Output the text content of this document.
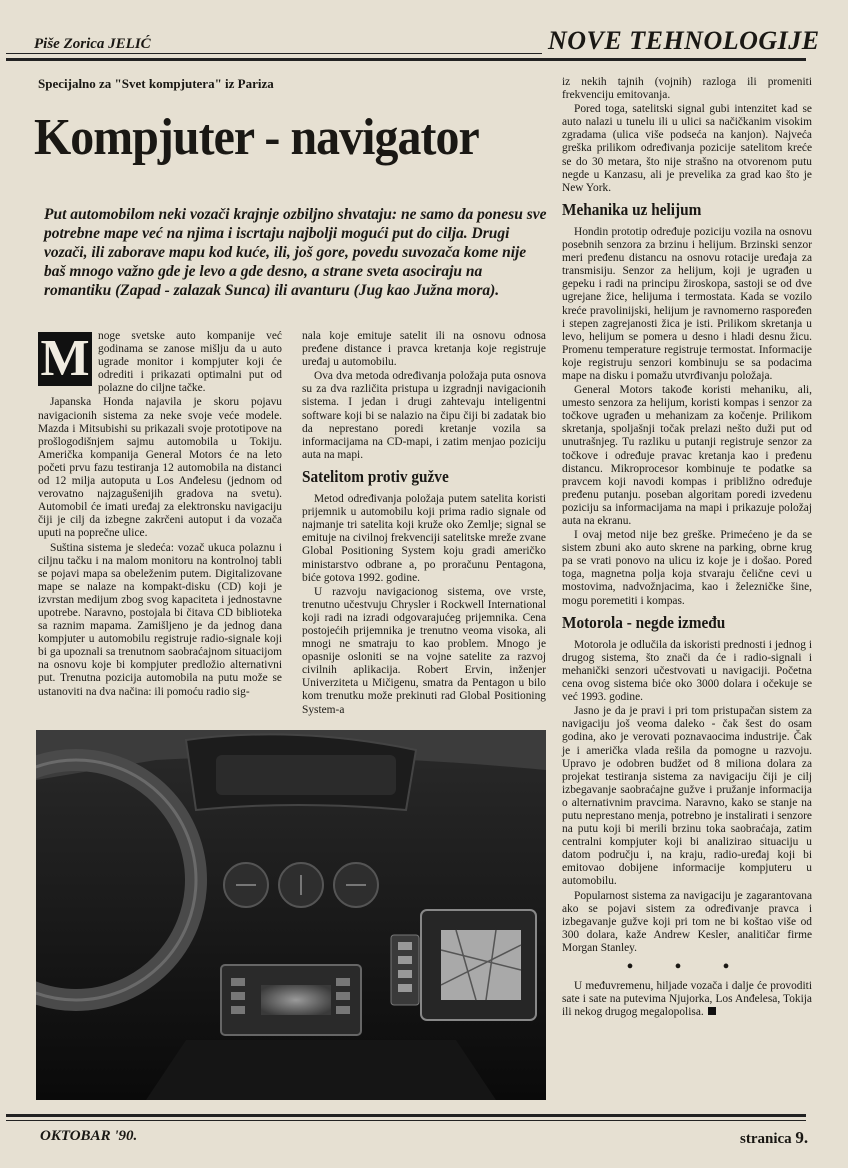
Piše Zorica JELIĆ	NOVE TEHNOLOGIJE
Specijalno za "Svet kompjutera" iz Pariza
Kompjuter - navigator
Put automobilom neki vozači krajnje ozbiljno shvataju: ne samo da ponesu sve potrebne mape već na njima i iscrtaju najbolji mogući put do cilja. Drugi vozači, ili zaborave mapu kod kuće, ili, još gore, povedu suvozača kome nije baš mnogo važno gde je levo a gde desno, a strane sveta asociraju na romantiku (Zapad - zalazak Sunca) ili avanturu (Jug kao Južna mora).
M noge svetske auto kompanije već godinama se zanose mišlju da u auto ugrade monitor i kompjuter koji će odrediti i prikazati optimalni put od polazne do ciljne tačke.

Japanska Honda najavila je skoru pojavu navigacionih sistema za neke svoje veće modele. Mazda i Mitsubishi su prikazali svoje prototipove na prošlogodišnjem sajmu automobila u Tokiju. Američka kompanija General Motors će na leto početi prvu fazu testiranja 12 automobila na distanci od 12 milja autoputa u Los Anđelesu (jednom od verovatno najzagušenijih gradova na svetu). Automobil će imati uređaj za elektronsku navigaciju čiji je cilj da izbegne zakrčeni autoput i da vozača uputi na poprečne ulice.

Suština sistema je sledeća: vozač ukuca polaznu i ciljnu tačku i na malom monitoru na kontrolnoj tabli se pojavi mapa sa obeleženim putem. Digitalizovane mape se nalaze na kompakt-disku (CD) koji je izvrstan medijum zbog svog kapaciteta i jednostavne upotrebe. Naravno, postojala bi čitava CD biblioteka sa raznim mapama. Zamišljeno je da jednog dana kompjuter u automobilu registruje radio-signale koji bi ga upoznali sa trenutnom saobraćajnom situacijom na osnovu koje bi kompjuter predložio alternativni put. Trenutna pozicija automobila na putu može se ustanoviti na dva načina: ili pomoću radio sig-

nala koje emituje satelit ili na osnovu odnosa pređene distance i pravca kretanja koje registruje uređaj u automobilu.

Ova dva metoda određivanja položaja puta osnova su za dva različita pristupa u izgradnji navigacionih sistema. I jedan i drugi zahtevaju inteligentni software koji bi se nalazio na čipu čiji bi zadatak bio da neprestano poredi kretanje vozila sa informacijama na CD-mapi, i zatim menjao poziciju auta na mapi.

Satelitom protiv gužve

Metod određivanja položaja putem satelita koristi prijemnik u automobilu koji prima radio signale od najmanje tri satelita koji kruže oko Zemlje; signal se emituje na civilnoj frekvenciji satelitske mreže zvane Global Positioning System koju gradi američko ministarstvo odbrane a, po proračunu Pentagona, biće gotova 1992. godine.

U razvoju navigacionog sistema, ove vrste, trenutno učestvuju Chrysler i Rockwell International koji radi na izradi odgovarajućeg prijemnika. Cena postojećih prijemnika je trenutno veoma visoka, ali mnogi ne smatraju to kao problem. Mnogo je opasnije osloniti se na vojne satelite za razvoj civilnih aplikacija. Robert Ervin, inženjer Univerziteta u Mičigenu, smatra da Pentagon u bilo kom trenutku može prekinuti rad Global Positioning System-a

iz nekih tajnih (vojnih) razloga ili promeniti frekvenciju emitovanja.

Pored toga, satelitski signal gubi intenzitet kad se auto nalazi u tunelu ili u ulici sa načičkanim visokim zgradama (ulica više podseća na kanjon). Najveća greška prilikom određivanja pozicije satelitom kreće se do 30 metara, što nije strašno na otvorenom putu negde u Kanzasu, ali je prevelika za grad kao što je New York.

Mehanika uz helijum

Hondin prototip određuje poziciju vozila na osnovu posebnih senzora za brzinu i helijum. Brzinski senzor meri pređenu distancu na osnovu rotacije uređaja za transmisiju. Senzor za helijum, koji je ugrađen u gepeku i radi na principu žiroskopa, sastoji se od dve ugrejane žice, helijuma i termostata. Kada se vozilo kreće pravolinijski, helijum je ravnomerno raspoređen i stepen zagrejanosti žica je isti. Prilikom skretanja u levo, helijum se pomera u desno i hladi desnu žicu. Promenu temperature registruje termostat. Informacije koje registruju senzori kombinuju se sa podacima mape na disku i pomažu utvrđivanju položaja.

General Motors takođe koristi mehaniku, ali, umesto senzora za helijum, koristi kompas i senzor za točkove ugrađen u mehanizam za kočenje. Prilikom skretanja, spoljašnji točak prelazi nešto duži put od unutrašnjeg. Tu razliku u putanji registruje senzor za točkove i određuje pravac kretanja kao i pređenu distancu. Mikroprocesor kombinuje te podatke sa pravcem koji navodi kompas i približno određuje pređenu putanju. poseban algoritam poredi izvedenu poziciju sa informacijama na mapi i prikazuje položaj auta na ekranu.

I ovaj metod nije bez greške. Primećeno je da se sistem zbuni ako auto skrene na parking, obrne krug pa se vrati ponovo na ulicu iz koje je i došao. Pored toga, magnetna polja koja stvaraju čelične cevi u mostovima, nadvožnjacima, kao i železničke šine, mogu poremetiti i kompas.

Motorola - negde između

Motorola je odlučila da iskoristi prednosti i jednog i drugog sistema, što znači da će i radio-signali i mehanički senzori učestvovati u navigaciji. Početna cena ovog sistema biće oko 3000 dolara i očekuje se već 1993. godine.

Jasno je da je pravi i pri tom pristupačan sistem za navigaciju još veoma daleko - čak šest do osam godina, ako je verovati poznavaocima industrije. Čak je i američka vlada rešila da pomogne u razvoju. Upravo je odobren budžet od 8 miliona dolara za projekat testiranja sistema za navigaciju čiji je cilj izbegavanje saobraćajne gužve i pružanje informacija o alternativnim pravcima. Naravno, kako se stanje na putu neprestano menja, potrebno je instalirati i senzore na putu koji bi merili brzinu toka saobraćaja, zatim centralni kompjuter koji bi analizirao situaciju u datom području i, na kraju, radio-uređaj koji bi emitovao dobijene informacije kompjuteru u automobilu.

Popularnost sistema za navigaciju je zagarantovana ako se pojavi sistem za određivanje pravca i izbegavanje gužve koji pri tom ne bi koštao više od 300 dolara, kaže Andrew Kesler, analitičar firme Morgan Stanley.

• • •

U međuvremenu, hiljade vozača i dalje će provoditi sate i sate na putevima Njujorka, Los Anđelesa, Tokija ili nekog drugog megalopolisa.

OKTOBAR '90.	stranica 9.
